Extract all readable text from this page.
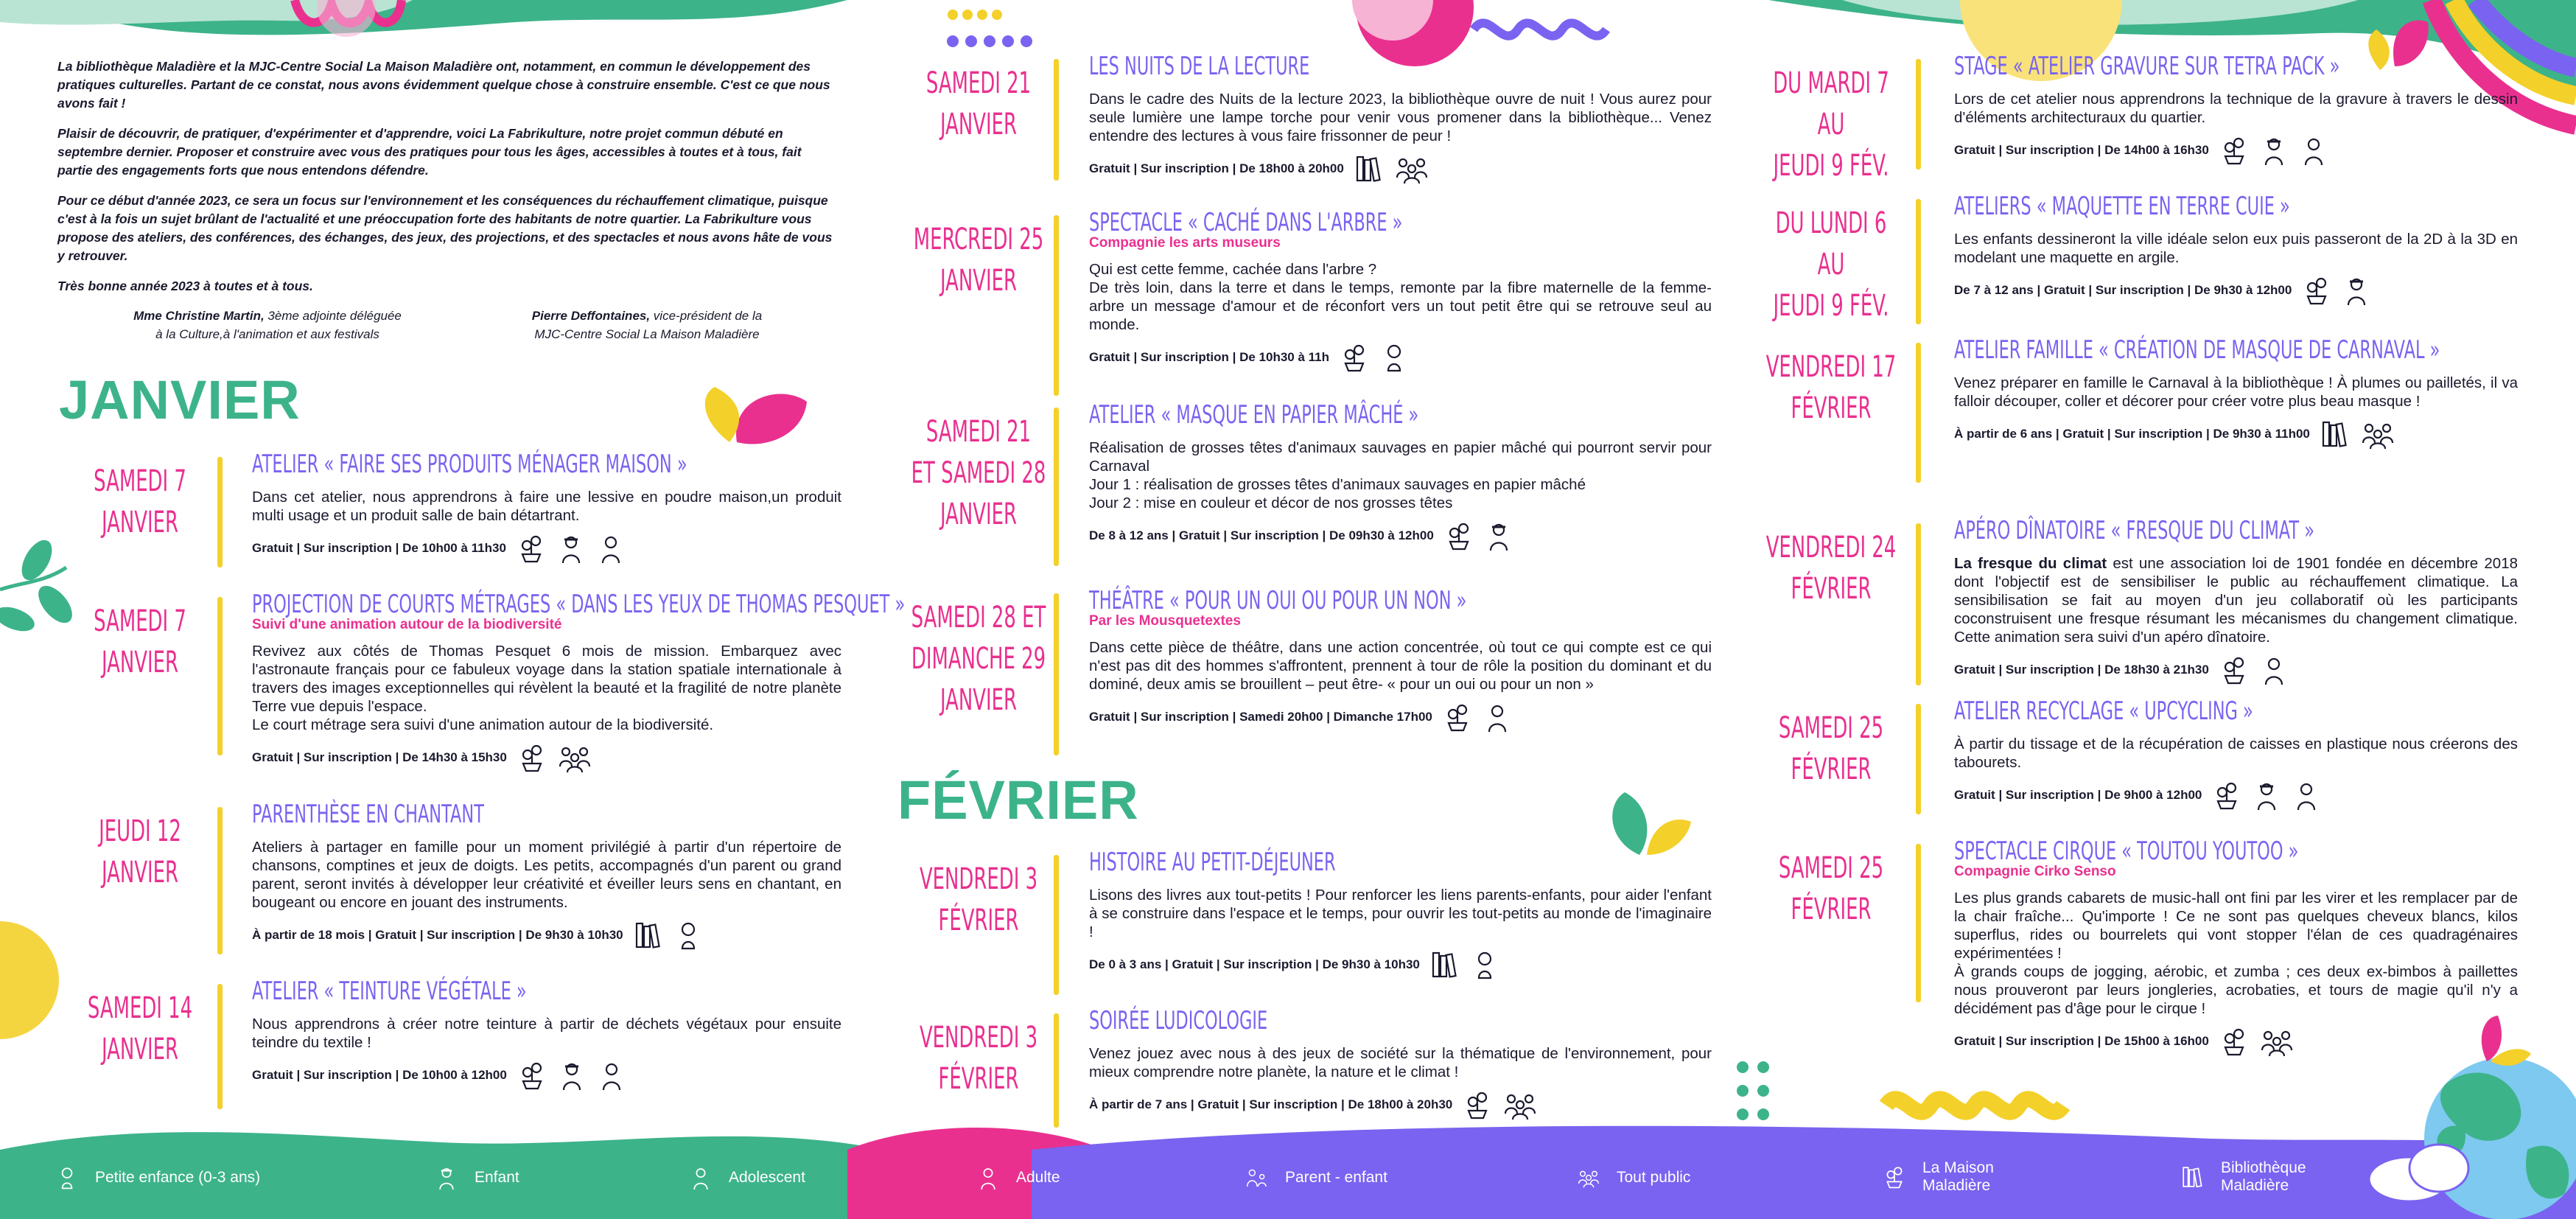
La bibliothèque Maladière et la MJC-Centre Social La Maison Maladière ont, notamment, en commun le développement des pratiques culturelles. Partant de ce constat, nous avons évidemment quelque chose à construire ensemble. C'est ce que nous avons fait !

Plaisir de découvrir, de pratiquer, d'expérimenter et d'apprendre, voici La Fabrikulture, notre projet commun débuté en septembre dernier. Proposer et construire avec vous des pratiques pour tous les âges, accessibles à toutes et à tous, fait partie des engagements forts que nous entendons défendre.

Pour ce début d'année 2023, ce sera un focus sur l'environnement et les conséquences du réchauffement climatique, puisque c'est à la fois un sujet brûlant de l'actualité et une préoccupation forte des habitants de notre quartier. La Fabrikulture vous propose des ateliers, des conférences, des échanges, des jeux, des projections, et des spectacles et nous avons hâte de vous y retrouver.

Très bonne année 2023 à toutes et à tous.

Mme Christine Martin, 3ème adjointe déléguée
à la Culture,à l'animation et aux festivals
Pierre Deffontaines, vice-président de la
MJC-Centre Social La Maison Maladière
JANVIER
FÉVRIER
SAMEDI 7
JANVIER
ATELIER « FAIRE SES PRODUITS MÉNAGER MAISON »
Dans cet atelier, nous apprendrons à faire une lessive en poudre maison,un produit multi usage et un produit salle de bain détartrant.
Gratuit | Sur inscription | De 10h00 à 11h30
SAMEDI 7
JANVIER
PROJECTION DE COURTS MÉTRAGES « DANS LES YEUX DE THOMAS PESQUET »
Suivi d'une animation autour de la biodiversité
Revivez aux côtés de Thomas Pesquet 6 mois de mission. Embarquez avec l'astronaute français pour ce fabuleux voyage dans la station spatiale internationale à travers des images exceptionnelles qui révèlent la beauté et la fragilité de notre planète Terre vue depuis l'espace.
Le court métrage sera suivi d'une animation autour de la biodiversité.
Gratuit | Sur inscription | De 14h30 à 15h30
JEUDI 12
JANVIER
PARENTHÈSE EN CHANTANT
Ateliers à partager en famille pour un moment privilégié à partir d'un répertoire de chansons, comptines et jeux de doigts. Les petits, accompagnés d'un parent ou grand parent, seront invités à développer leur créativité et éveiller leurs sens en chantant, en bougeant ou encore en jouant des instruments.
À partir de 18 mois | Gratuit | Sur inscription | De 9h30 à 10h30
SAMEDI 14
JANVIER
ATELIER « TEINTURE VÉGÉTALE »
Nous apprendrons à créer notre teinture à partir de déchets végétaux pour ensuite teindre du textile !
Gratuit | Sur inscription | De 10h00 à 12h00
SAMEDI 21
JANVIER
LES NUITS DE LA LECTURE
Dans le cadre des Nuits de la lecture 2023, la bibliothèque ouvre de nuit ! Vous aurez pour seule lumière une lampe torche pour venir vous promener dans la bibliothèque... Venez entendre des lectures à vous faire frissonner de peur !
Gratuit | Sur inscription | De 18h00 à 20h00
MERCREDI 25
JANVIER
SPECTACLE « CACHÉ DANS L'ARBRE »
Compagnie les arts museurs
Qui est cette femme, cachée dans l'arbre ?
De très loin, dans la terre et dans le temps, remonte par la fibre maternelle de la femme-arbre un message d'amour et de réconfort vers un tout petit être qui se retrouve seul au monde.
Gratuit | Sur inscription | De 10h30 à 11h
SAMEDI 21
ET SAMEDI 28
JANVIER
ATELIER « MASQUE EN PAPIER MÂCHÉ »
Réalisation de grosses têtes d'animaux sauvages en papier mâché qui pourront servir pour Carnaval
Jour 1 : réalisation de grosses têtes d'animaux sauvages en papier mâché
Jour 2 : mise en couleur et décor de nos grosses têtes
De 8 à 12 ans | Gratuit | Sur inscription | De 09h30 à 12h00
SAMEDI 28 ET
DIMANCHE 29
JANVIER
THÉÂTRE « POUR UN OUI OU POUR UN NON »
Par les Mousquetextes
Dans cette pièce de théâtre, dans une action concentrée, où tout ce qui compte est ce qui n'est pas dit des hommes s'affrontent, prennent à tour de rôle la position du dominant et du dominé, deux amis se brouillent – peut être- « pour un oui ou pour un non »
Gratuit | Sur inscription | Samedi 20h00 | Dimanche 17h00
VENDREDI 3
FÉVRIER
HISTOIRE AU PETIT-DÉJEUNER
Lisons des livres aux tout-petits ! Pour renforcer les liens parents-enfants, pour aider l'enfant à se construire dans l'espace et le temps, pour ouvrir les tout-petits au monde de l'imaginaire !
De 0 à 3 ans | Gratuit | Sur inscription | De 9h30 à 10h30
VENDREDI 3
FÉVRIER
SOIRÉE LUDICOLOGIE
Venez jouez avec nous à des jeux de société sur la thématique de l'environnement, pour mieux comprendre notre planète, la nature et le climat !
À partir de 7 ans | Gratuit | Sur inscription | De 18h00 à 20h30
DU MARDI 7 AU
JEUDI 9 FÉV.
STAGE « ATELIER GRAVURE SUR TETRA PACK »
Lors de cet atelier nous apprendrons la technique de la gravure à travers le dessin d'éléments architecturaux du quartier.
Gratuit | Sur inscription | De 14h00 à 16h30
DU LUNDI 6 AU
JEUDI 9 FÉV.
ATELIERS « MAQUETTE EN TERRE CUIE »
Les enfants dessineront la ville idéale selon eux puis passeront de la 2D à la 3D en modelant une maquette en argile.
De 7 à 12 ans | Gratuit | Sur inscription | De 9h30 à 12h00
VENDREDI 17
FÉVRIER
ATELIER FAMILLE « CRÉATION DE MASQUE DE CARNAVAL »
Venez préparer en famille le Carnaval à la bibliothèque ! À plumes ou pailletés, il va falloir découper, coller et décorer pour créer votre plus beau masque !
À partir de 6 ans | Gratuit | Sur inscription | De 9h30 à 11h00
VENDREDI 24
FÉVRIER
APÉRO DÎNATOIRE « FRESQUE DU CLIMAT »
La fresque du climat est une association loi de 1901 fondée en décembre 2018 dont l'objectif est de sensibiliser le public au réchauffement climatique. La sensibilisation se fait au moyen d'un jeu collaboratif où les participants coconstruisent une fresque résumant les mécanismes du changement climatique. Cette animation sera suivi d'un apéro dînatoire.
Gratuit | Sur inscription | De 18h30 à 21h30
SAMEDI 25
FÉVRIER
ATELIER RECYCLAGE « UPCYCLING »
À partir du tissage et de la récupération de caisses en plastique nous créerons des tabourets.
Gratuit | Sur inscription | De 9h00 à 12h00
SAMEDI 25
FÉVRIER
SPECTACLE CIRQUE « TOUTOU YOUTOO »
Compagnie Cirko Senso
Les plus grands cabarets de music-hall ont fini par les virer et les remplacer par de la chair fraîche... Qu'importe ! Ce ne sont pas quelques cheveux blancs, kilos superflus, rides ou bourrelets qui vont stopper l'élan de ces quadragénaires expérimentées !
À grands coups de jogging, aérobic, et zumba ; ces deux ex-bimbos à paillettes nous prouveront par leurs jongleries, acrobaties, et tours de magie qu'il n'y a décidément pas d'âge pour le cirque !
Gratuit | Sur inscription | De 15h00 à 16h00
Petite enfance (0-3 ans)	Enfant	Adolescent	Adulte	Parent - enfant	Tout public
La Maison
Maladière
Bibliothèque
Maladière
